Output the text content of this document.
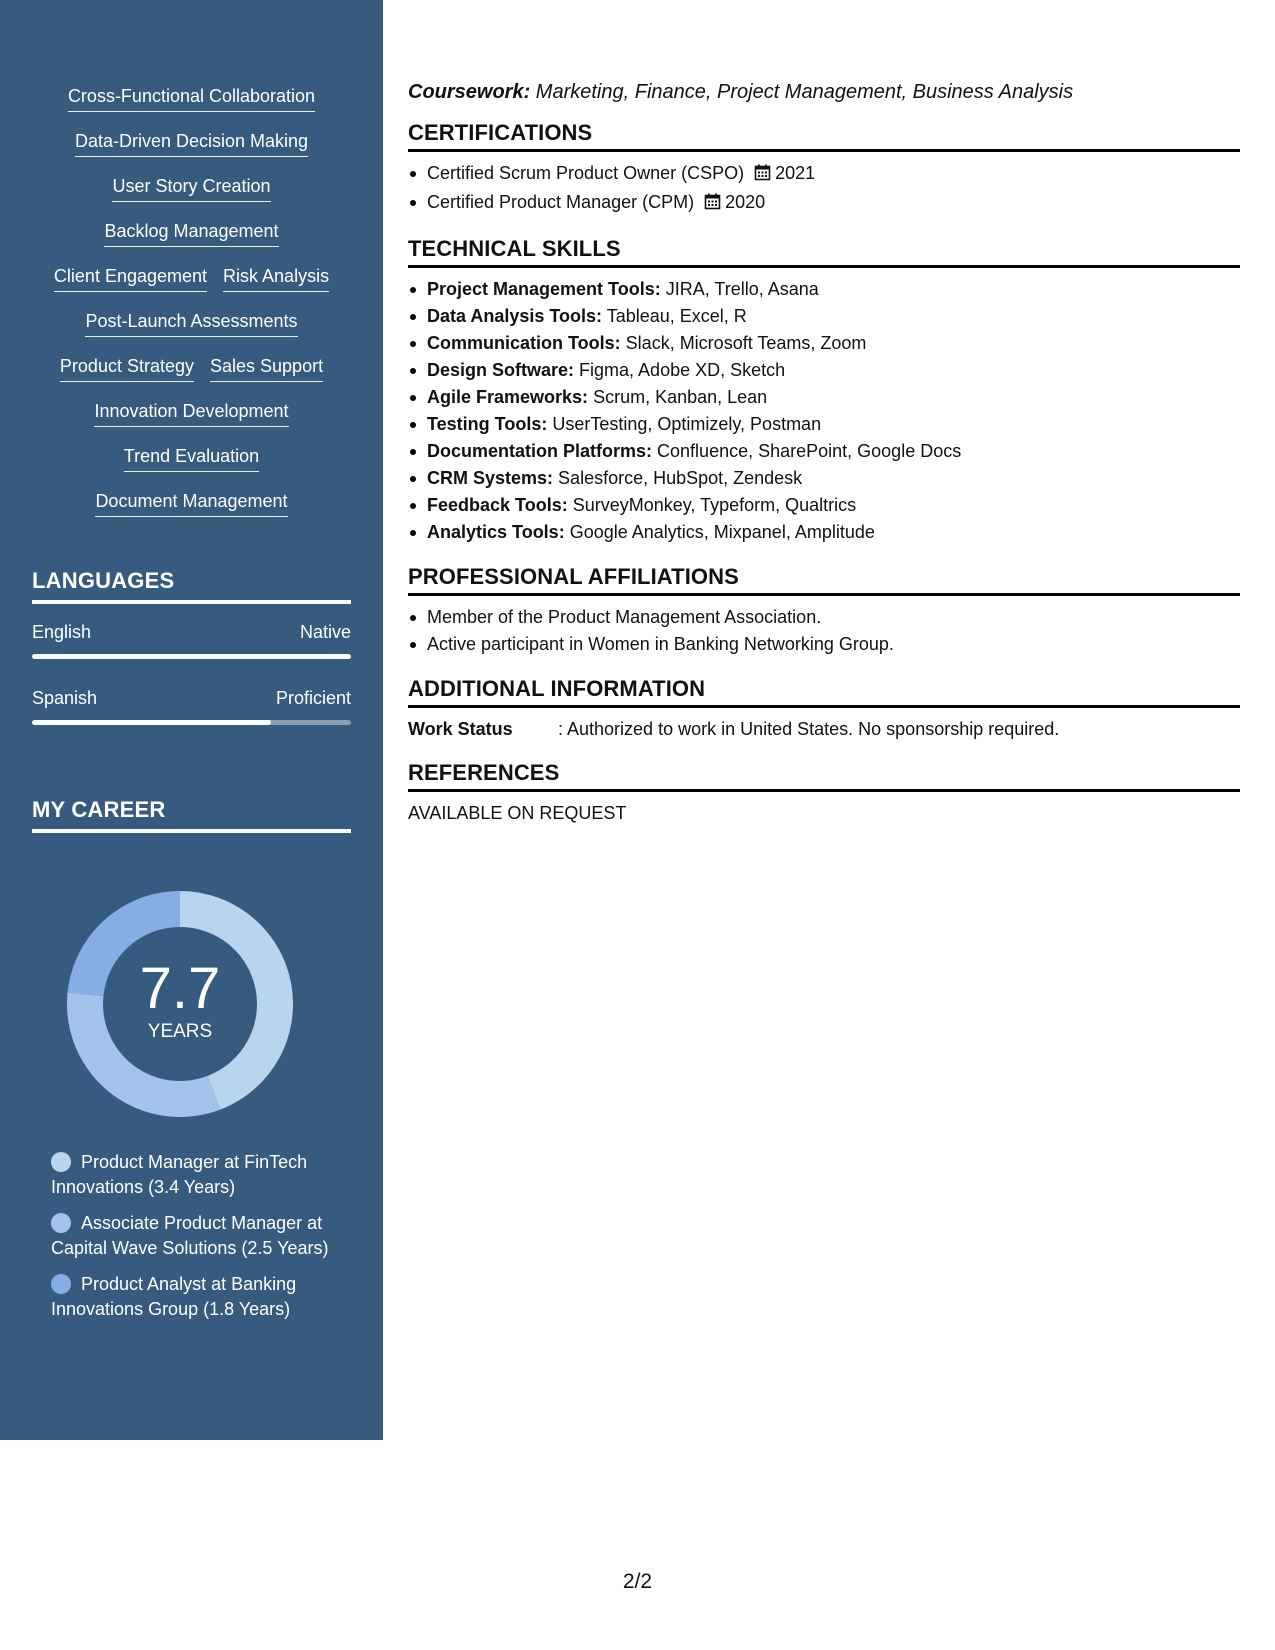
Cross-Functional Collaboration
Data-Driven Decision Making
User Story Creation
Backlog Management
Client Engagement Risk Analysis
Post-Launch Assessments
Product Strategy Sales Support
Innovation Development
Trend Evaluation
Document Management
LANGUAGES
English	Native
Spanish	Proficient
MY CAREER
7.7
YEARS
Product Manager at FinTech Innovations (3.4 Years)
Associate Product Manager at Capital Wave Solutions (2.5 Years)
Product Analyst at Banking Innovations Group (1.8 Years)
Coursework: Marketing, Finance, Project Management, Business Analysis
CERTIFICATIONS
Certified Scrum Product Owner (CSPO) 2021
Certified Product Manager (CPM) 2020
TECHNICAL SKILLS
Project Management Tools: JIRA, Trello, Asana
Data Analysis Tools: Tableau, Excel, R
Communication Tools: Slack, Microsoft Teams, Zoom
Design Software: Figma, Adobe XD, Sketch
Agile Frameworks: Scrum, Kanban, Lean
Testing Tools: UserTesting, Optimizely, Postman
Documentation Platforms: Confluence, SharePoint, Google Docs
CRM Systems: Salesforce, HubSpot, Zendesk
Feedback Tools: SurveyMonkey, Typeform, Qualtrics
Analytics Tools: Google Analytics, Mixpanel, Amplitude
PROFESSIONAL AFFILIATIONS
Member of the Product Management Association.
Active participant in Women in Banking Networking Group.
ADDITIONAL INFORMATION
Work Status	: Authorized to work in United States. No sponsorship required.
REFERENCES
AVAILABLE ON REQUEST
2/2
